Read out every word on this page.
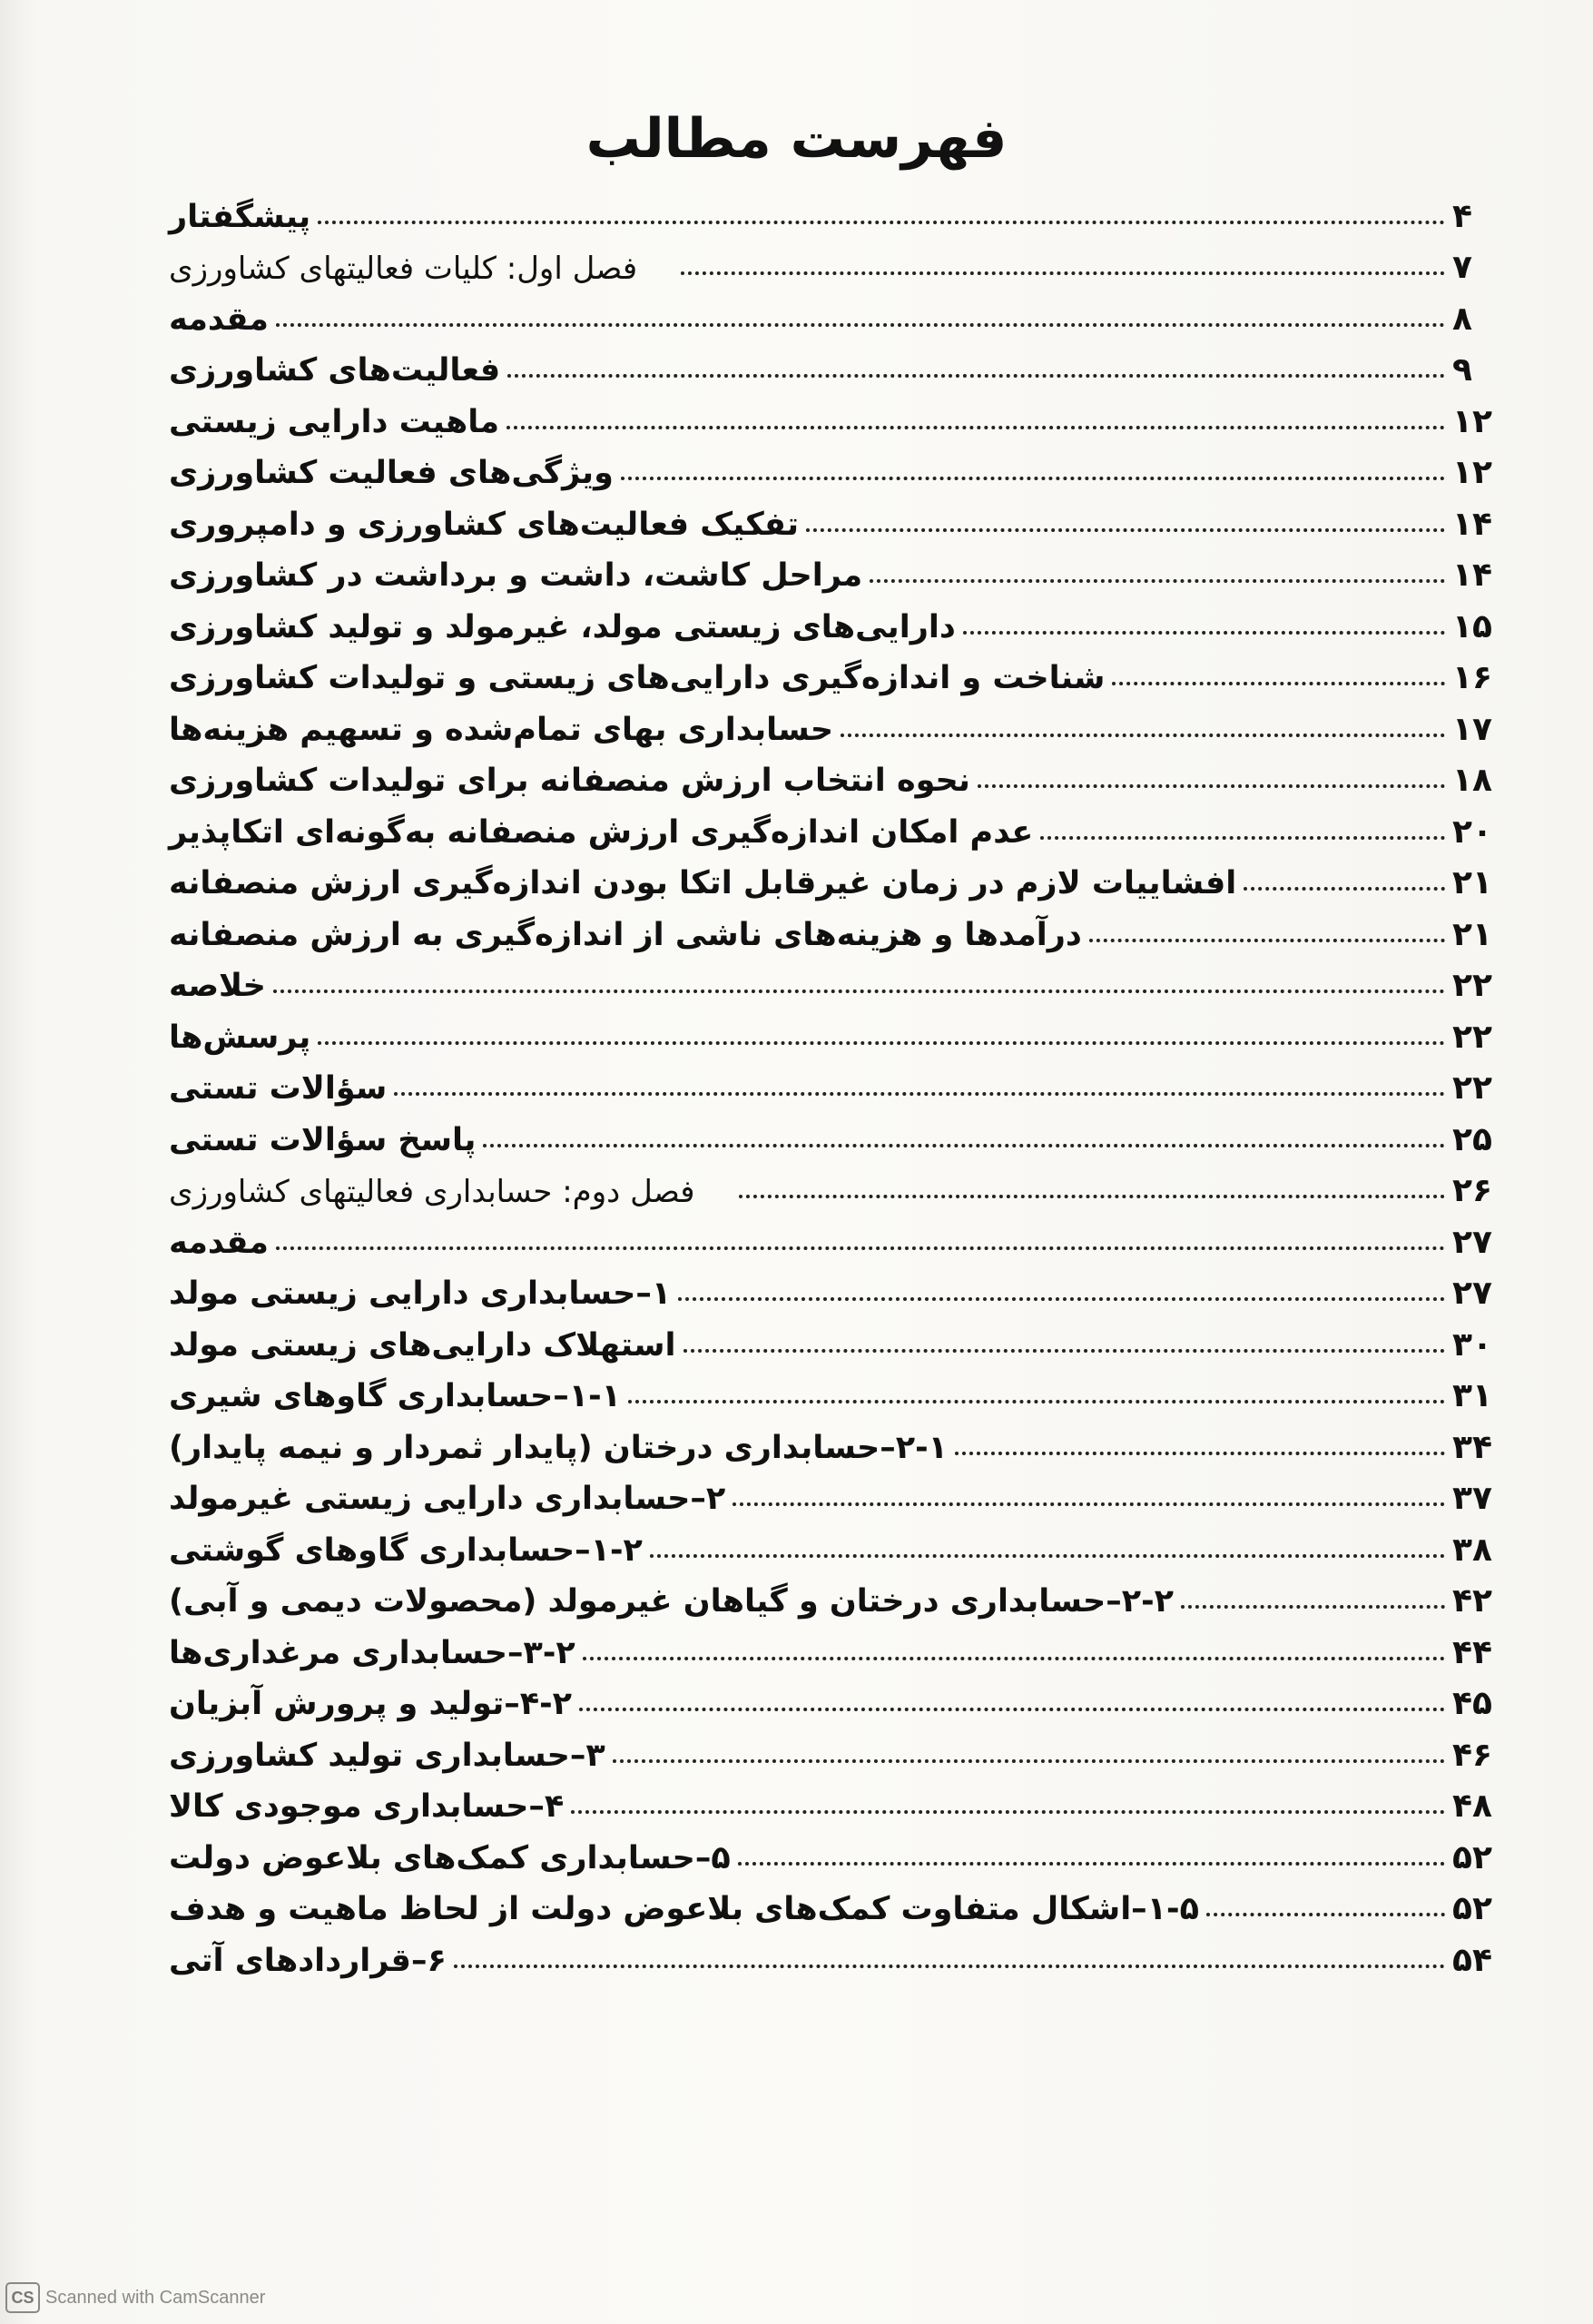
فهرست مطالب
پیشگفتار	۴
فصل اول: کلیات فعالیتهای کشاورزی	۷
مقدمه	۸
فعالیت‌های کشاورزی	۹
ماهیت دارایی زیستی	۱۲
ویژگی‌های فعالیت کشاورزی	۱۲
تفکیک فعالیت‌های کشاورزی و دامپروری	۱۴
مراحل کاشت، داشت و برداشت در کشاورزی	۱۴
دارایی‌های زیستی مولد، غیرمولد و تولید کشاورزی	۱۵
شناخت و اندازه‌گیری دارایی‌های زیستی و تولیدات کشاورزی	۱۶
حسابداری بهای تمام‌شده و تسهیم هزینه‌ها	۱۷
نحوه انتخاب ارزش منصفانه برای تولیدات کشاورزی	۱۸
عدم امکان اندازه‌گیری ارزش منصفانه به‌گونه‌ای اتکاپذیر	۲۰
افشاییات لازم در زمان غیرقابل اتکا بودن اندازه‌گیری ارزش منصفانه	۲۱
درآمدها و هزینه‌های ناشی از اندازه‌گیری به ارزش منصفانه	۲۱
خلاصه	۲۲
پرسش‌ها	۲۲
سؤالات تستی	۲۲
پاسخ سؤالات تستی	۲۵
فصل دوم: حسابداری فعالیتهای کشاورزی	۲۶
مقدمه	۲۷
۱–حسابداری دارایی زیستی مولد	۲۷
استهلاک دارایی‌های زیستی مولد	۳۰
۱-۱–حسابداری گاوهای شیری	۳۱
۲-۱–حسابداری درختان (پایدار ثمردار و نیمه پایدار)	۳۴
۲–حسابداری دارایی زیستی غیرمولد	۳۷
۱-۲–حسابداری گاوهای گوشتی	۳۸
۲-۲–حسابداری درختان و گیاهان غیرمولد (محصولات دیمی و آبی)	۴۲
۳-۲–حسابداری مرغداری‌ها	۴۴
۴-۲–تولید و پرورش آبزیان	۴۵
۳–حسابداری تولید کشاورزی	۴۶
۴–حسابداری موجودی کالا	۴۸
۵–حسابداری کمک‌های بلاعوض دولت	۵۲
۱-۵–اشکال متفاوت کمک‌های بلاعوض دولت از لحاظ ماهیت و هدف	۵۲
۶–قراردادهای آتی	۵۴
CS Scanned with CamScanner
